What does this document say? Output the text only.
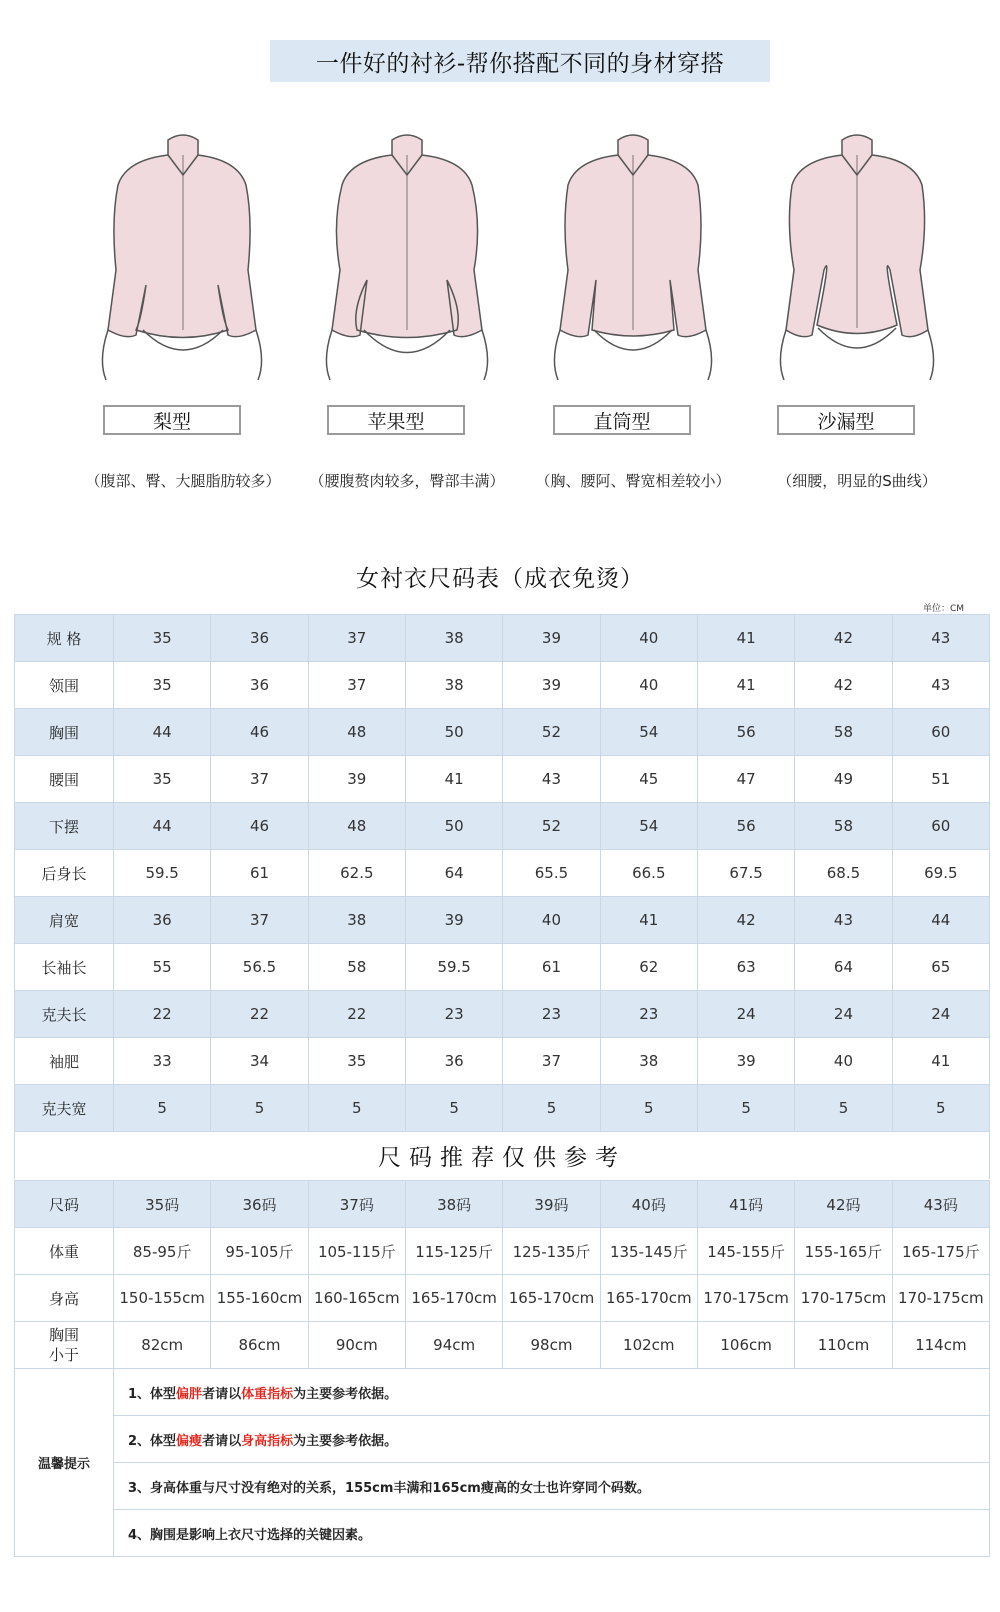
一件好的衬衫-帮你搭配不同的身材穿搭
梨型
（腹部、臀、大腿脂肪较多）
苹果型
（腰腹赘肉较多，臀部丰满）
直筒型
（胸、腰阿、臀宽相差较小）
沙漏型
（细腰，明显的S曲线）
女衬衣尺码表（成衣免烫）
单位：CM
规 格	35	36	37	38	39	40	41	42	43
领围	35	36	37	38	39	40	41	42	43
胸围	44	46	48	50	52	54	56	58	60
腰围	35	37	39	41	43	45	47	49	51
下摆	44	46	48	50	52	54	56	58	60
后身长	59.5	61	62.5	64	65.5	66.5	67.5	68.5	69.5
肩宽	36	37	38	39	40	41	42	43	44
长袖长	55	56.5	58	59.5	61	62	63	64	65
克夫长	22	22	22	23	23	23	24	24	24
袖肥	33	34	35	36	37	38	39	40	41
克夫宽	5	5	5	5	5	5	5	5	5
尺码推荐仅供参考
尺码	35码	36码	37码	38码	39码	40码	41码	42码	43码
体重	85-95斤	95-105斤	105-115斤	115-125斤	125-135斤	135-145斤	145-155斤	155-165斤	165-175斤
身高	150-155cm	155-160cm	160-165cm	165-170cm	165-170cm	165-170cm	170-175cm	170-175cm	170-175cm

胸围
小于	82cm	86cm	90cm	94cm	98cm	102cm	106cm	110cm	114cm
温馨提示	1、体型偏胖者请以体重指标为主要参考依据。
2、体型偏瘦者请以身高指标为主要参考依据。
3、身高体重与尺寸没有绝对的关系，155cm丰满和165cm瘦高的女士也许穿同个码数。
4、胸围是影响上衣尺寸选择的关键因素。
